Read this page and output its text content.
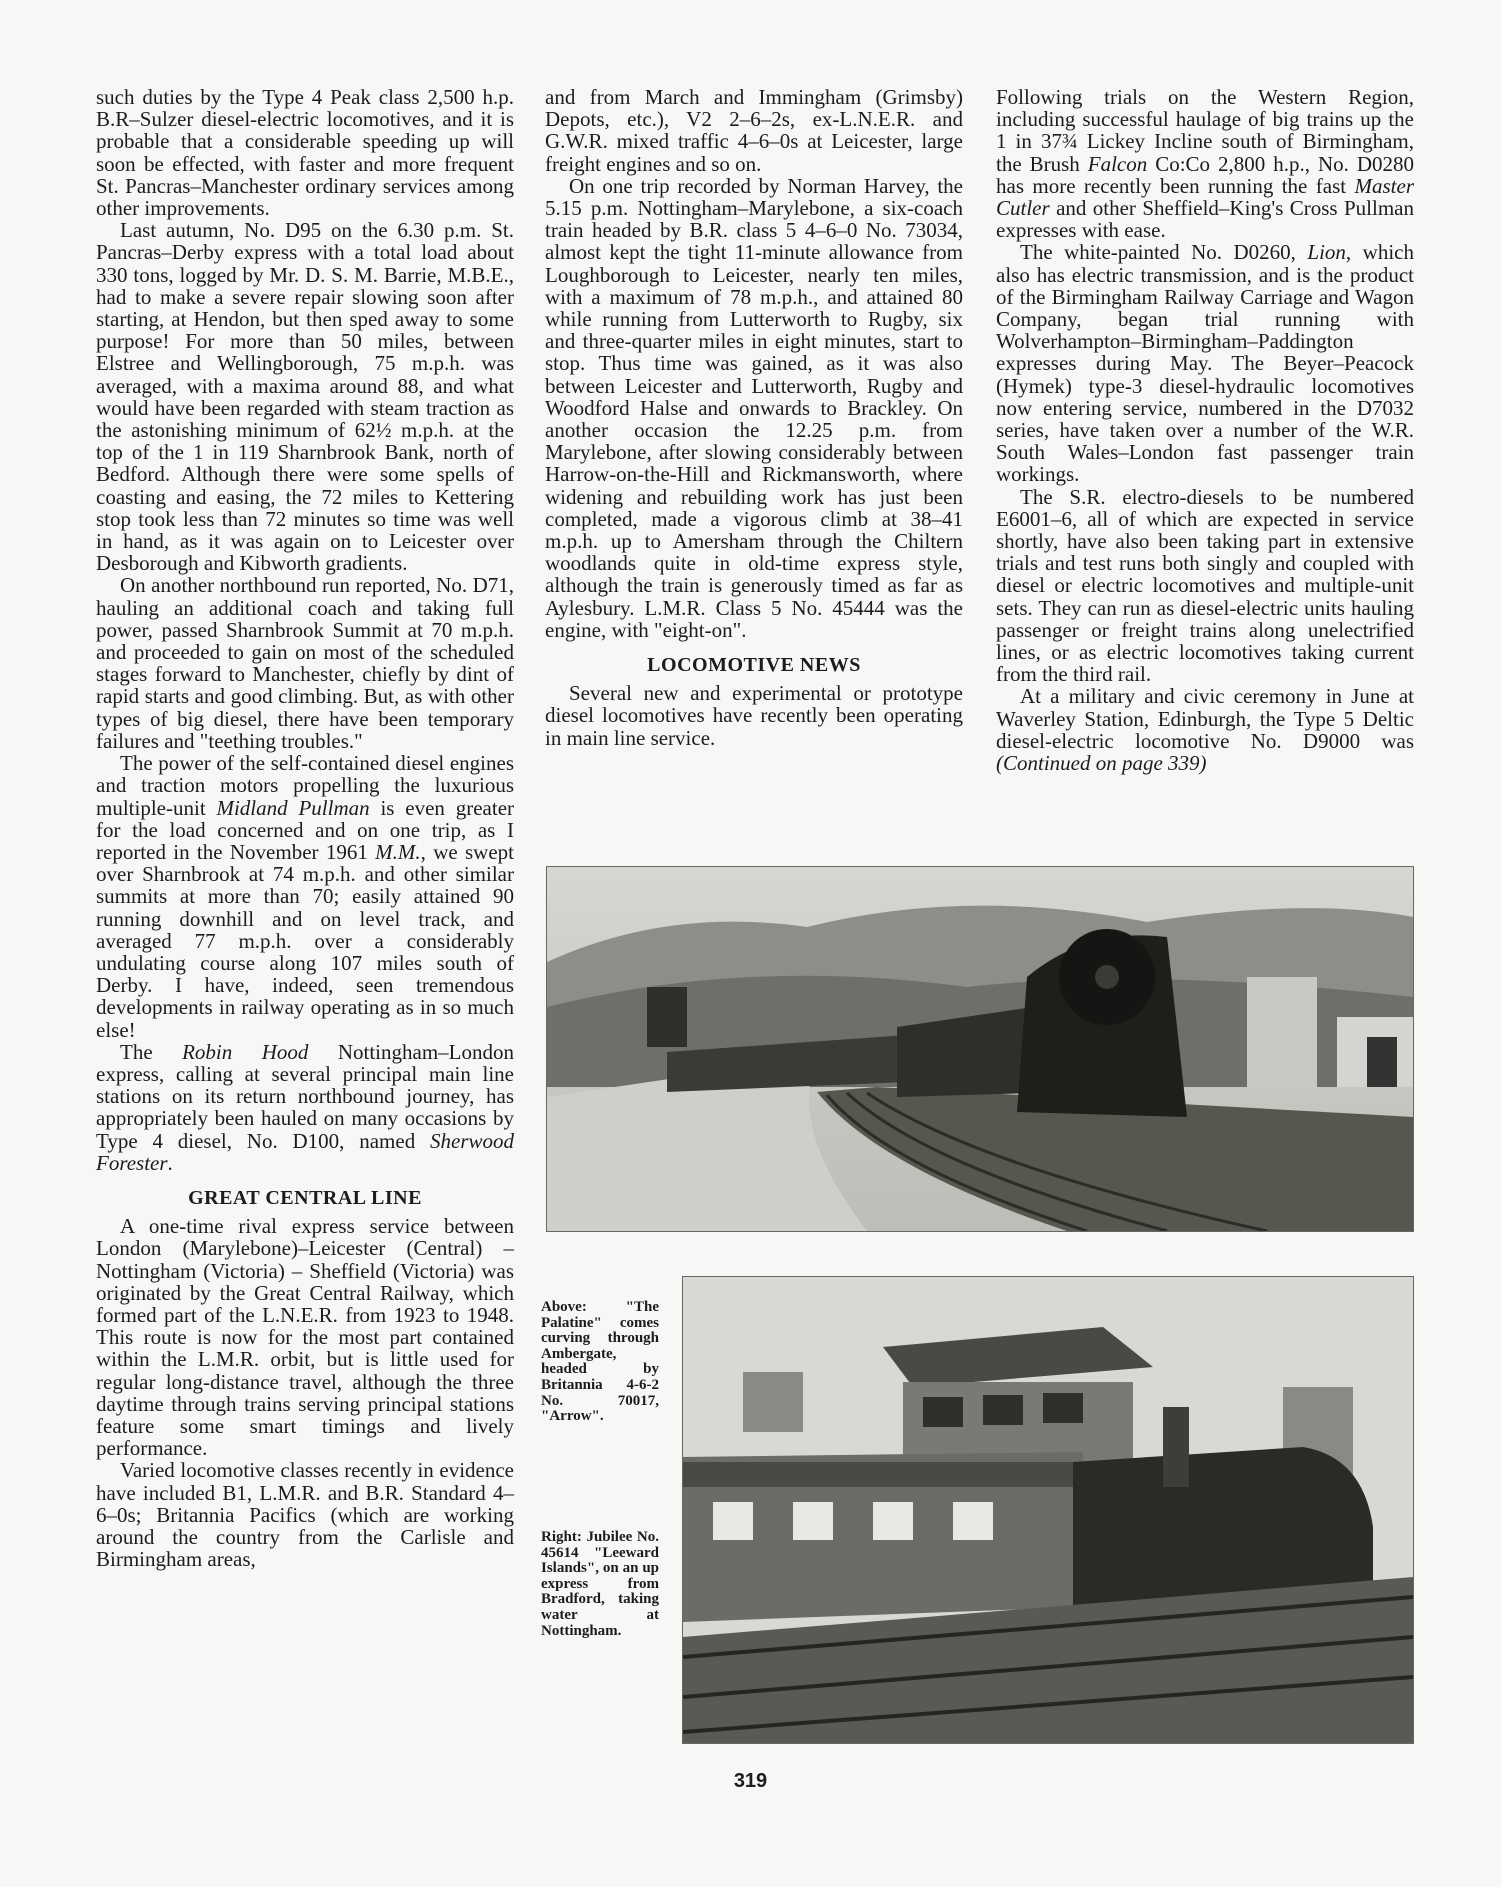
such duties by the Type 4 Peak class 2,500 h.p. B.R–Sulzer diesel-electric locomotives, and it is probable that a considerable speeding up will soon be effected, with faster and more frequent St. Pancras–Manchester ordinary services among other improvements.

Last autumn, No. D95 on the 6.30 p.m. St. Pancras–Derby express with a total load about 330 tons, logged by Mr. D. S. M. Barrie, M.B.E., had to make a severe repair slowing soon after starting, at Hendon, but then sped away to some purpose! For more than 50 miles, between Elstree and Wellingborough, 75 m.p.h. was averaged, with a maxima around 88, and what would have been regarded with steam traction as the astonishing minimum of 62½ m.p.h. at the top of the 1 in 119 Sharnbrook Bank, north of Bedford. Although there were some spells of coasting and easing, the 72 miles to Kettering stop took less than 72 minutes so time was well in hand, as it was again on to Leicester over Desborough and Kibworth gradients.

On another northbound run reported, No. D71, hauling an additional coach and taking full power, passed Sharnbrook Summit at 70 m.p.h. and proceeded to gain on most of the scheduled stages forward to Manchester, chiefly by dint of rapid starts and good climbing. But, as with other types of big diesel, there have been temporary failures and "teething troubles."

The power of the self-contained diesel engines and traction motors propelling the luxurious multiple-unit Midland Pullman is even greater for the load concerned and on one trip, as I reported in the November 1961 M.M., we swept over Sharnbrook at 74 m.p.h. and other similar summits at more than 70; easily attained 90 running downhill and on level track, and averaged 77 m.p.h. over a considerably undulating course along 107 miles south of Derby. I have, indeed, seen tremendous developments in railway operating as in so much else!

The Robin Hood Nottingham–London express, calling at several principal main line stations on its return northbound journey, has appropriately been hauled on many occasions by Type 4 diesel, No. D100, named Sherwood Forester.

GREAT CENTRAL LINE

A one-time rival express service between London (Marylebone)–Leicester (Central) – Nottingham (Victoria) – Sheffield (Victoria) was originated by the Great Central Railway, which formed part of the L.N.E.R. from 1923 to 1948. This route is now for the most part contained within the L.M.R. orbit, but is little used for regular long-distance travel, although the three daytime through trains serving principal stations feature some smart timings and lively performance.

Varied locomotive classes recently in evidence have included B1, L.M.R. and B.R. Standard 4–6–0s; Britannia Pacifics (which are working around the country from the Carlisle and Birmingham areas,

and from March and Immingham (Grimsby) Depots, etc.), V2 2–6–2s, ex-L.N.E.R. and G.W.R. mixed traffic 4–6–0s at Leicester, large freight engines and so on.

On one trip recorded by Norman Harvey, the 5.15 p.m. Nottingham–Marylebone, a six-coach train headed by B.R. class 5 4–6–0 No. 73034, almost kept the tight 11-minute allowance from Loughborough to Leicester, nearly ten miles, with a maximum of 78 m.p.h., and attained 80 while running from Lutterworth to Rugby, six and three-quarter miles in eight minutes, start to stop. Thus time was gained, as it was also between Leicester and Lutterworth, Rugby and Woodford Halse and onwards to Brackley. On another occasion the 12.25 p.m. from Marylebone, after slowing considerably between Harrow-on-the-Hill and Rickmansworth, where widening and rebuilding work has just been completed, made a vigorous climb at 38–41 m.p.h. up to Amersham through the Chiltern woodlands quite in old-time express style, although the train is generously timed as far as Aylesbury. L.M.R. Class 5 No. 45444 was the engine, with "eight-on".

LOCOMOTIVE NEWS

Several new and experimental or prototype diesel locomotives have recently been operating in main line service.

Following trials on the Western Region, including successful haulage of big trains up the 1 in 37¾ Lickey Incline south of Birmingham, the Brush Falcon Co:Co 2,800 h.p., No. D0280 has more recently been running the fast Master Cutler and other Sheffield–King's Cross Pullman expresses with ease.

The white-painted No. D0260, Lion, which also has electric transmission, and is the product of the Birmingham Railway Carriage and Wagon Company, began trial running with Wolverhampton–Birmingham–Paddington expresses during May. The Beyer–Peacock (Hymek) type-3 diesel-hydraulic locomotives now entering service, numbered in the D7032 series, have taken over a number of the W.R. South Wales–London fast passenger train workings.

The S.R. electro-diesels to be numbered E6001–6, all of which are expected in service shortly, have also been taking part in extensive trials and test runs both singly and coupled with diesel or electric locomotives and multiple-unit sets. They can run as diesel-electric units hauling passenger or freight trains along unelectrified lines, or as electric locomotives taking current from the third rail.

At a military and civic ceremony in June at Waverley Station, Edinburgh, the Type 5 Deltic diesel-electric locomotive No. D9000 was (Continued on page 339)

Above: "The Palatine" comes curving through Ambergate, headed by Britannia 4-6-2 No. 70017, "Arrow".
Right: Jubilee No. 45614 "Leeward Islands", on an up express from Bradford, taking water at Nottingham.
319
